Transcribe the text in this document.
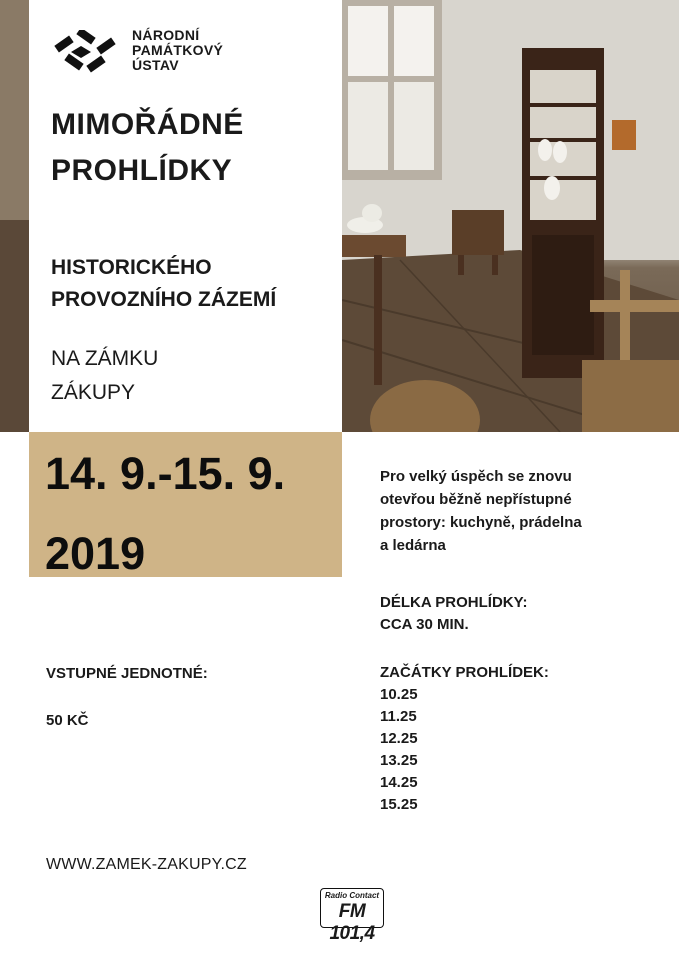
NÁRODNÍ
PAMÁTKOVÝ
ÚSTAV
MIMOŘÁDNÉ
PROHLÍDKY
HISTORICKÉHO
PROVOZNÍHO ZÁZEMÍ
NA ZÁMKU
ZÁKUPY
14. 9.-15. 9.
2019
Pro velký úspěch se znovu
otevřou běžně nepřístupné
prostory: kuchyně, prádelna
a ledárna
DÉLKA PROHLÍDKY:
CCA 30 MIN.
ZAČÁTKY PROHLÍDEK:
10.25
11.25
12.25
13.25
14.25
15.25
VSTUPNÉ JEDNOTNÉ:
50 KČ
WWW.ZAMEK-ZAKUPY.CZ
Radio Contact
FM 101,4
